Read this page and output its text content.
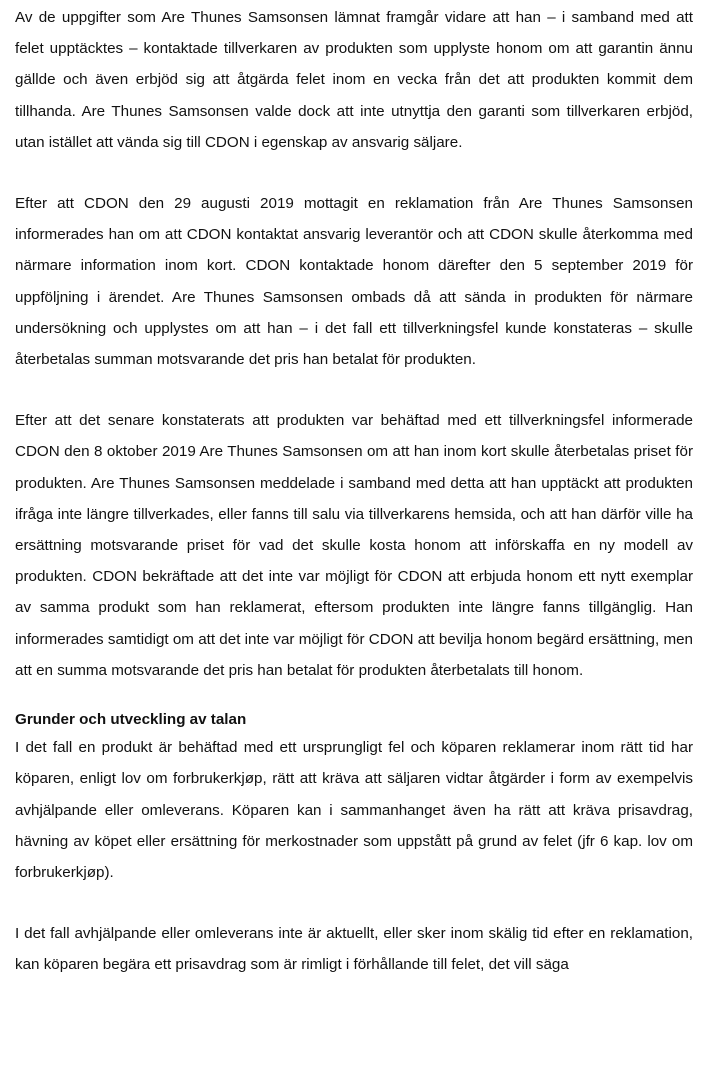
Av de uppgifter som Are Thunes Samsonsen lämnat framgår vidare att han – i samband med att felet upptäcktes – kontaktade tillverkaren av produkten som upplyste honom om att garantin ännu gällde och även erbjöd sig att åtgärda felet inom en vecka från det att produkten kommit dem tillhanda. Are Thunes Samsonsen valde dock att inte utnyttja den garanti som tillverkaren erbjöd, utan istället att vända sig till CDON i egenskap av ansvarig säljare.

Efter att CDON den 29 augusti 2019 mottagit en reklamation från Are Thunes Samsonsen informerades han om att CDON kontaktat ansvarig leverantör och att CDON skulle återkomma med närmare information inom kort. CDON kontaktade honom därefter den 5 september 2019 för uppföljning i ärendet. Are Thunes Samsonsen ombads då att sända in produkten för närmare undersökning och upplystes om att han – i det fall ett tillverkningsfel kunde konstateras – skulle återbetalas summan motsvarande det pris han betalat för produkten.

Efter att det senare konstaterats att produkten var behäftad med ett tillverkningsfel informerade CDON den 8 oktober 2019 Are Thunes Samsonsen om att han inom kort skulle återbetalas priset för produkten. Are Thunes Samsonsen meddelade i samband med detta att han upptäckt att produkten ifråga inte längre tillverkades, eller fanns till salu via tillverkarens hemsida, och att han därför ville ha ersättning motsvarande priset för vad det skulle kosta honom att införskaffa en ny modell av produkten. CDON bekräftade att det inte var möjligt för CDON att erbjuda honom ett nytt exemplar av samma produkt som han reklamerat, eftersom produkten inte längre fanns tillgänglig. Han informerades samtidigt om att det inte var möjligt för CDON att bevilja honom begärd ersättning, men att en summa motsvarande det pris han betalat för produkten återbetalats till honom.

Grunder och utveckling av talan

I det fall en produkt är behäftad med ett ursprungligt fel och köparen reklamerar inom rätt tid har köparen, enligt lov om forbrukerkjøp, rätt att kräva att säljaren vidtar åtgärder i form av exempelvis avhjälpande eller omleverans. Köparen kan i sammanhanget även ha rätt att kräva prisavdrag, hävning av köpet eller ersättning för merkostnader som uppstått på grund av felet (jfr 6 kap. lov om forbrukerkjøp).

I det fall avhjälpande eller omleverans inte är aktuellt, eller sker inom skälig tid efter en reklamation, kan köparen begära ett prisavdrag som är rimligt i förhållande till felet, det vill säga
